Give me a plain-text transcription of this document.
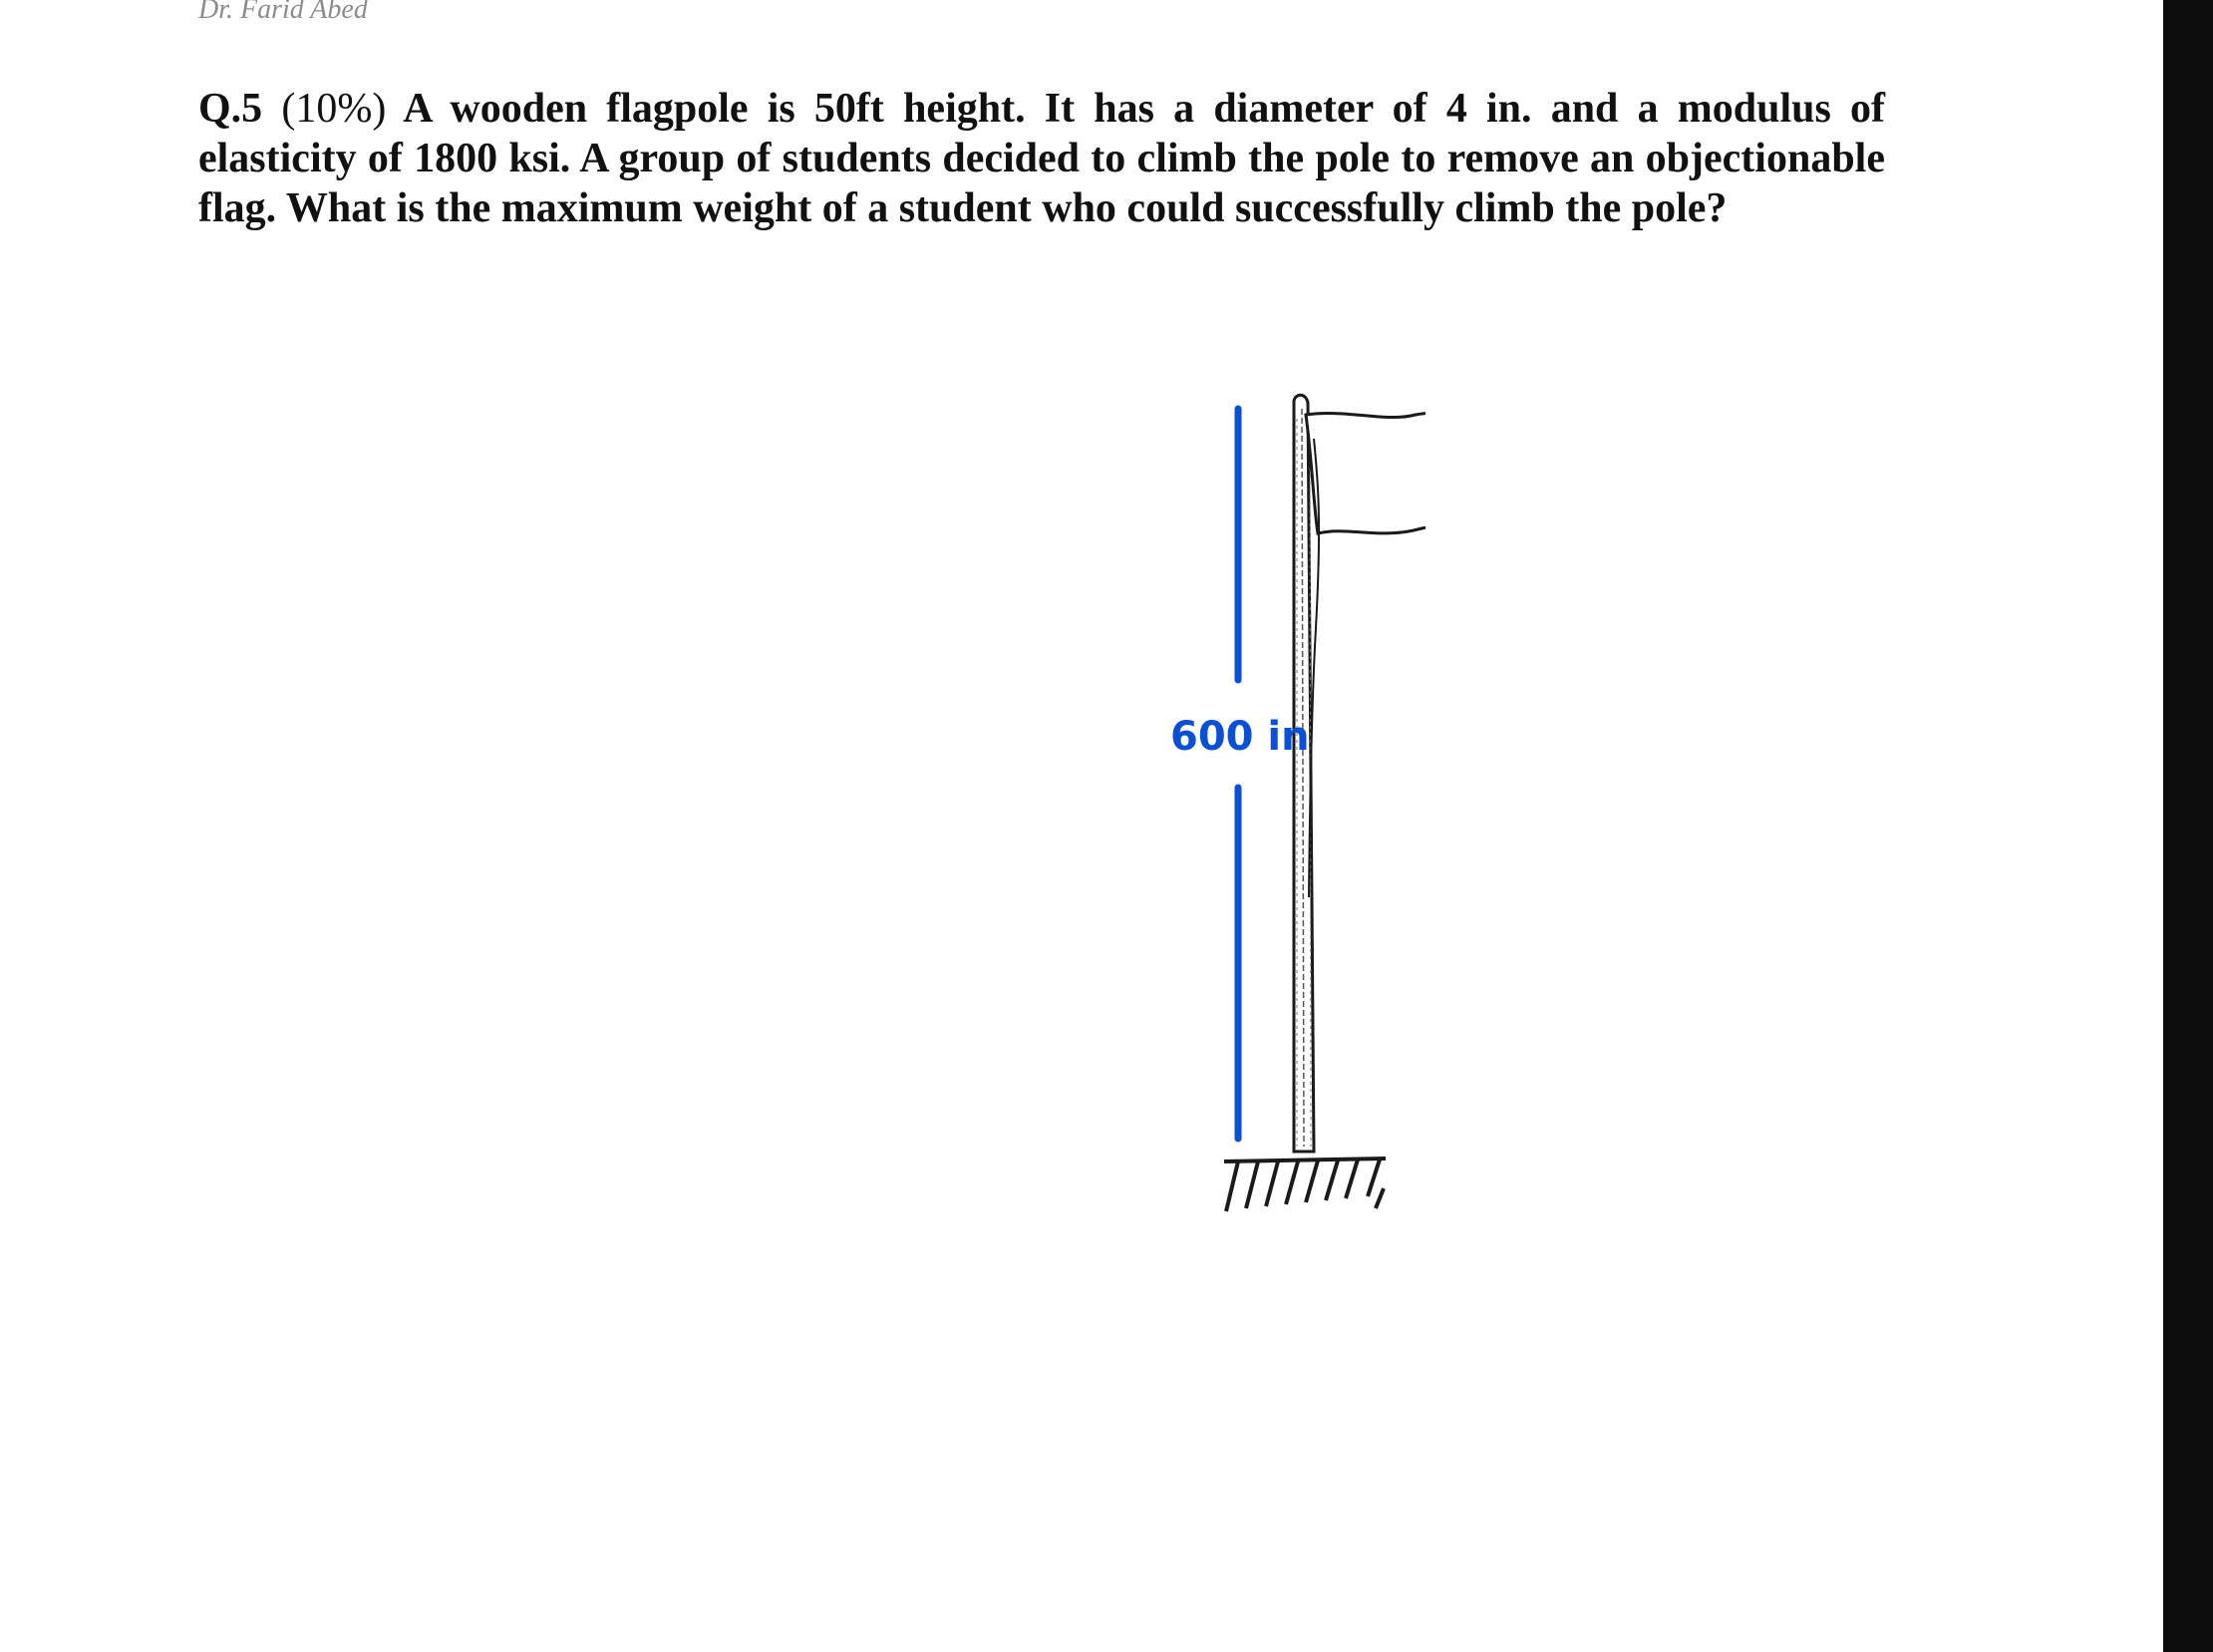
Dr. Farid Abed

Q.5 (10%) A wooden flagpole is 50ft height. It has a diameter of 4 in. and a modulus of elasticity of 1800 ksi. A group of students decided to climb the pole to remove an objectionable flag. What is the maximum weight of a student who could successfully climb the pole?

600 in
